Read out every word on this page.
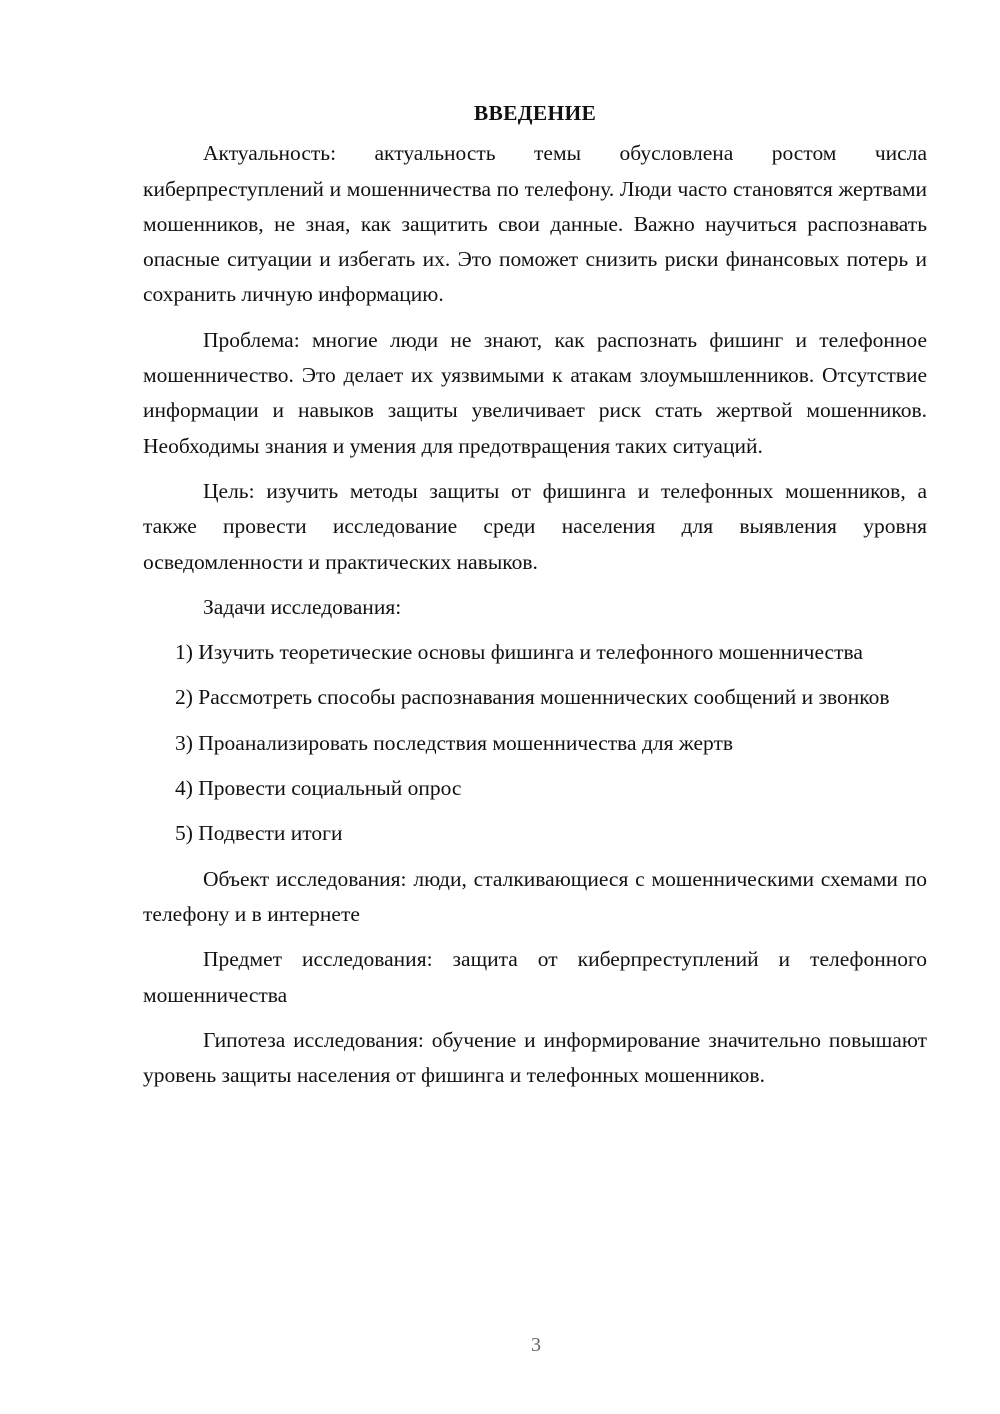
ВВЕДЕНИЕ

Актуальность: актуальность темы обусловлена ростом числа киберпреступлений и мошенничества по телефону. Люди часто становятся жертвами мошенников, не зная, как защитить свои данные. Важно научиться распознавать опасные ситуации и избегать их. Это поможет снизить риски финансовых потерь и сохранить личную информацию.

Проблема: многие люди не знают, как распознать фишинг и телефонное мошенничество. Это делает их уязвимыми к атакам злоумышленников. Отсутствие информации и навыков защиты увеличивает риск стать жертвой мошенников. Необходимы знания и умения для предотвращения таких ситуаций.

Цель: изучить методы защиты от фишинга и телефонных мошенников, а также провести исследование среди населения для выявления уровня осведомленности и практических навыков.

Задачи исследования:

1) Изучить теоретические основы фишинга и телефонного мошенничества

2) Рассмотреть способы распознавания мошеннических сообщений и звонков

3) Проанализировать последствия мошенничества для жертв

4) Провести социальный опрос

5) Подвести итоги

Объект исследования: люди, сталкивающиеся с мошенническими схемами по телефону и в интернете

Предмет исследования: защита от киберпреступлений и телефонного мошенничества

Гипотеза исследования: обучение и информирование значительно повышают уровень защиты населения от фишинга и телефонных мошенников.

3
